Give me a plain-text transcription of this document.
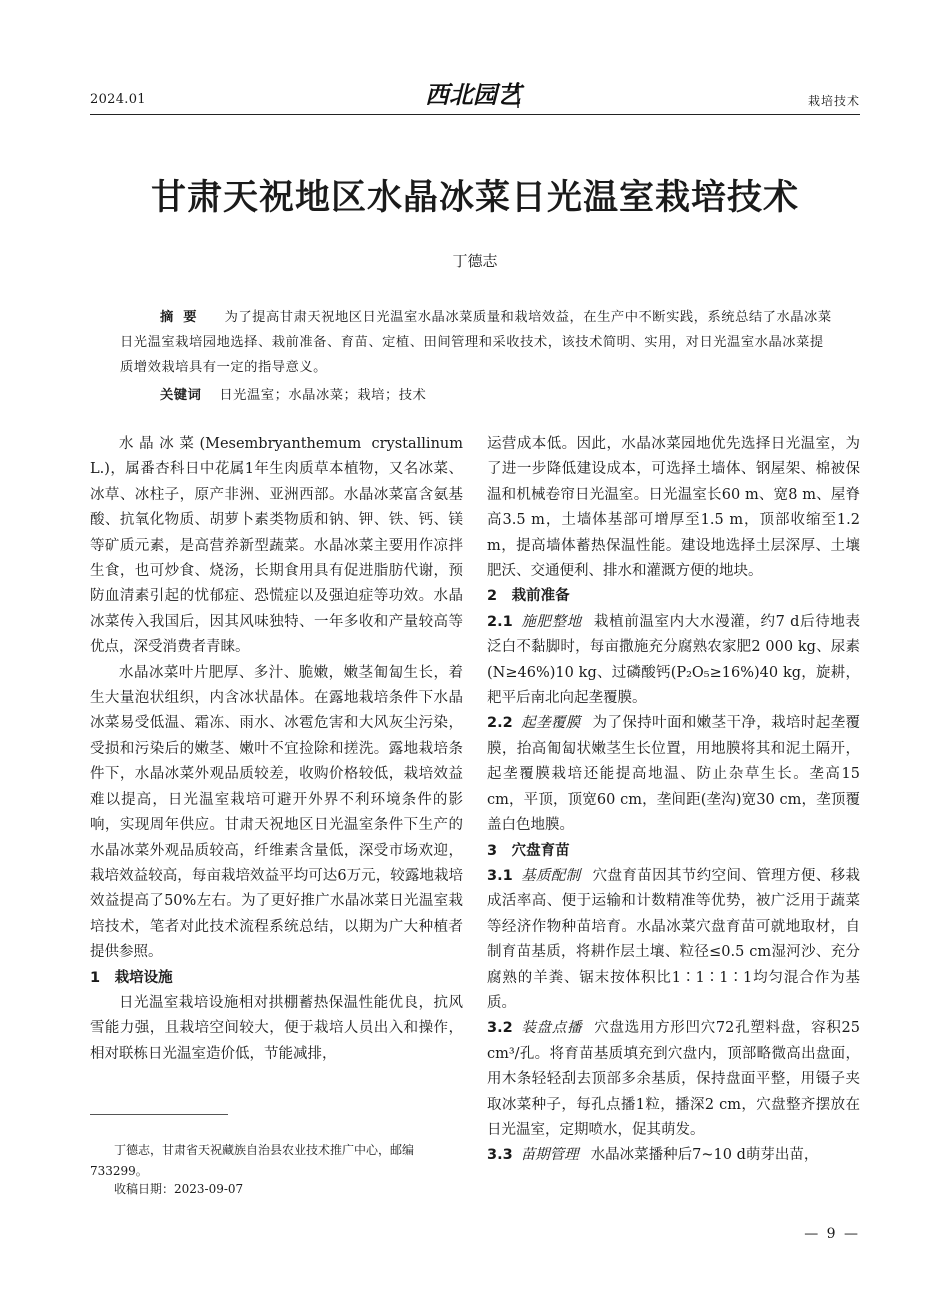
2024.01	西北园艺	栽培技术
甘肃天祝地区水晶冰菜日光温室栽培技术
丁德志
摘要 为了提高甘肃天祝地区日光温室水晶冰菜质量和栽培效益，在生产中不断实践，系统总结了水晶冰菜日光温室栽培园地选择、栽前准备、育苗、定植、田间管理和采收技术，该技术简明、实用，对日光温室水晶冰菜提质增效栽培具有一定的指导意义。
关键词 日光温室；水晶冰菜；栽培；技术

水晶冰菜(Mesembryanthemum crystallinum L.)，属番杏科日中花属1年生肉质草本植物，又名冰菜、冰草、冰柱子，原产非洲、亚洲西部。水晶冰菜富含氨基酸、抗氧化物质、胡萝卜素类物质和钠、钾、铁、钙、镁等矿质元素，是高营养新型蔬菜。水晶冰菜主要用作凉拌生食，也可炒食、烧汤，长期食用具有促进脂肪代谢，预防血清素引起的忧郁症、恐慌症以及强迫症等功效。水晶冰菜传入我国后，因其风味独特、一年多收和产量较高等优点，深受消费者青睐。

水晶冰菜叶片肥厚、多汁、脆嫩，嫩茎匍匐生长，着生大量泡状组织，内含冰状晶体。在露地栽培条件下水晶冰菜易受低温、霜冻、雨水、冰雹危害和大风灰尘污染，受损和污染后的嫩茎、嫩叶不宜捡除和搓洗。露地栽培条件下，水晶冰菜外观品质较差，收购价格较低，栽培效益难以提高，日光温室栽培可避开外界不利环境条件的影响，实现周年供应。甘肃天祝地区日光温室条件下生产的水晶冰菜外观品质较高，纤维素含量低，深受市场欢迎，栽培效益较高，每亩栽培效益平均可达6万元，较露地栽培效益提高了50%左右。为了更好推广水晶冰菜日光温室栽培技术，笔者对此技术流程系统总结，以期为广大种植者提供参照。

1　栽培设施

日光温室栽培设施相对拱棚蓄热保温性能优良，抗风雪能力强，且栽培空间较大，便于栽培人员出入和操作，相对联栋日光温室造价低，节能减排，

丁德志，甘肃省天祝藏族自治县农业技术推广中心，邮编733299。
收稿日期：2023-09-07

运营成本低。因此，水晶冰菜园地优先选择日光温室，为了进一步降低建设成本，可选择土墙体、钢屋架、棉被保温和机械卷帘日光温室。日光温室长60 m、宽8 m、屋脊高3.5 m，土墙体基部可增厚至1.5 m，顶部收缩至1.2 m，提高墙体蓄热保温性能。建设地选择土层深厚、土壤肥沃、交通便利、排水和灌溉方便的地块。

2　栽前准备

2.1 施肥整地 栽植前温室内大水漫灌，约7 d后待地表泛白不黏脚时，每亩撒施充分腐熟农家肥2 000 kg、尿素(N≥46%)10 kg、过磷酸钙(P₂O₅≥16%)40 kg，旋耕，耙平后南北向起垄覆膜。

2.2 起垄覆膜 为了保持叶面和嫩茎干净，栽培时起垄覆膜，抬高匍匐状嫩茎生长位置，用地膜将其和泥土隔开，起垄覆膜栽培还能提高地温、防止杂草生长。垄高15 cm，平顶，顶宽60 cm，垄间距(垄沟)宽30 cm，垄顶覆盖白色地膜。

3　穴盘育苗

3.1 基质配制 穴盘育苗因其节约空间、管理方便、移栽成活率高、便于运输和计数精准等优势，被广泛用于蔬菜等经济作物种苗培育。水晶冰菜穴盘育苗可就地取材，自制育苗基质，将耕作层土壤、粒径≤0.5 cm湿河沙、充分腐熟的羊粪、锯末按体积比1∶1∶1∶1均匀混合作为基质。

3.2 装盘点播 穴盘选用方形凹穴72孔塑料盘，容积25 cm³/孔。将育苗基质填充到穴盘内，顶部略微高出盘面，用木条轻轻刮去顶部多余基质，保持盘面平整，用镊子夹取冰菜种子，每孔点播1粒，播深2 cm，穴盘整齐摆放在日光温室，定期喷水，促其萌发。

3.3 苗期管理 水晶冰菜播种后7~10 d萌芽出苗，

— 9 —
